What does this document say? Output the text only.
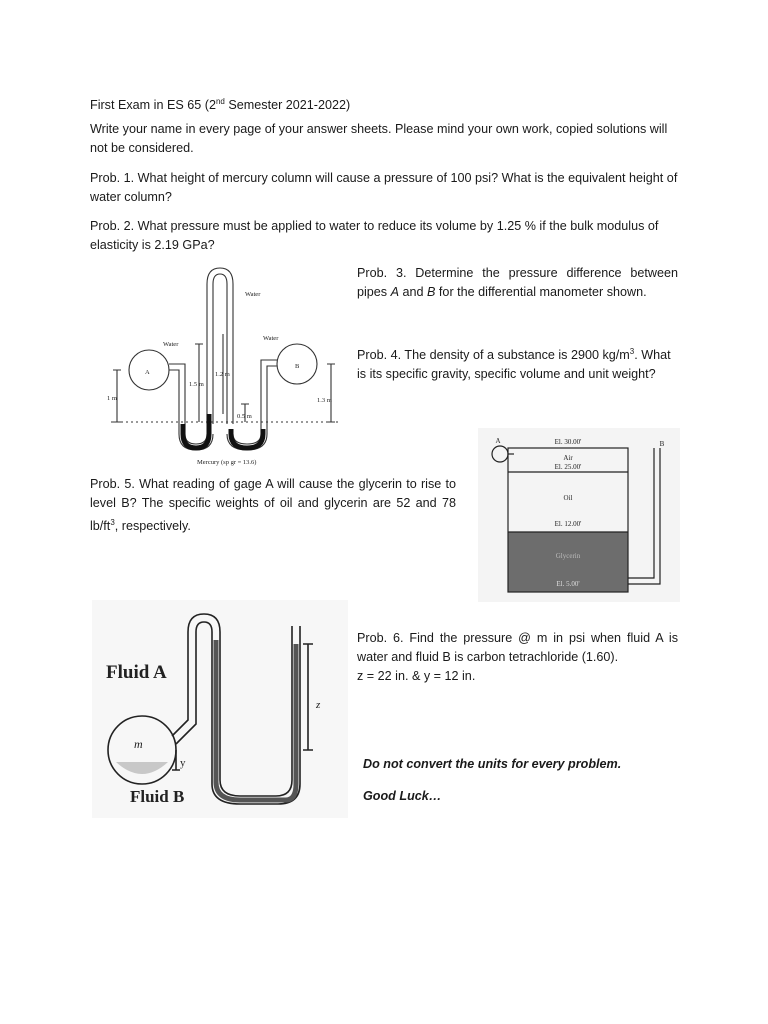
First Exam in ES 65 (2nd Semester 2021-2022)

Write your name in every page of your answer sheets. Please mind your own work, copied solutions will not be considered.

Prob. 1. What height of mercury column will cause a pressure of 100 psi? What is the equivalent height of water column?

Prob. 2. What pressure must be applied to water to reduce its volume by 1.25 % if the bulk modulus of elasticity is 2.19 GPa?

Prob. 3. Determine the pressure difference between pipes A and B for the differential manometer shown.

Prob. 4. The density of a substance is 2900 $kg/m^3$. What is its specific gravity, specific volume and unit weight?

Prob. 5. What reading of gage A will cause the glycerin to rise to level B? The specific weights of oil and glycerin are 52 and 78 $lb/ft^3$, respectively.

Prob. 6. Find the pressure @ m in psi when fluid A is water and fluid B is carbon tetrachloride (1.60).
z = 22 in. & y = 12 in.

Do not convert the units for every problem.

Good Luck…

Water
Water
Water
A
B
1.2 m
1.5 m
0.5 m
1 m	1.3 m
Mercury (sp gr = 13.6)
A	B
El. 30.00'
Air
El. 25.00'
Oil
El. 12.00'
Glycerin
El. 5.00'
Fluid A
Fluid B
m
y
z
